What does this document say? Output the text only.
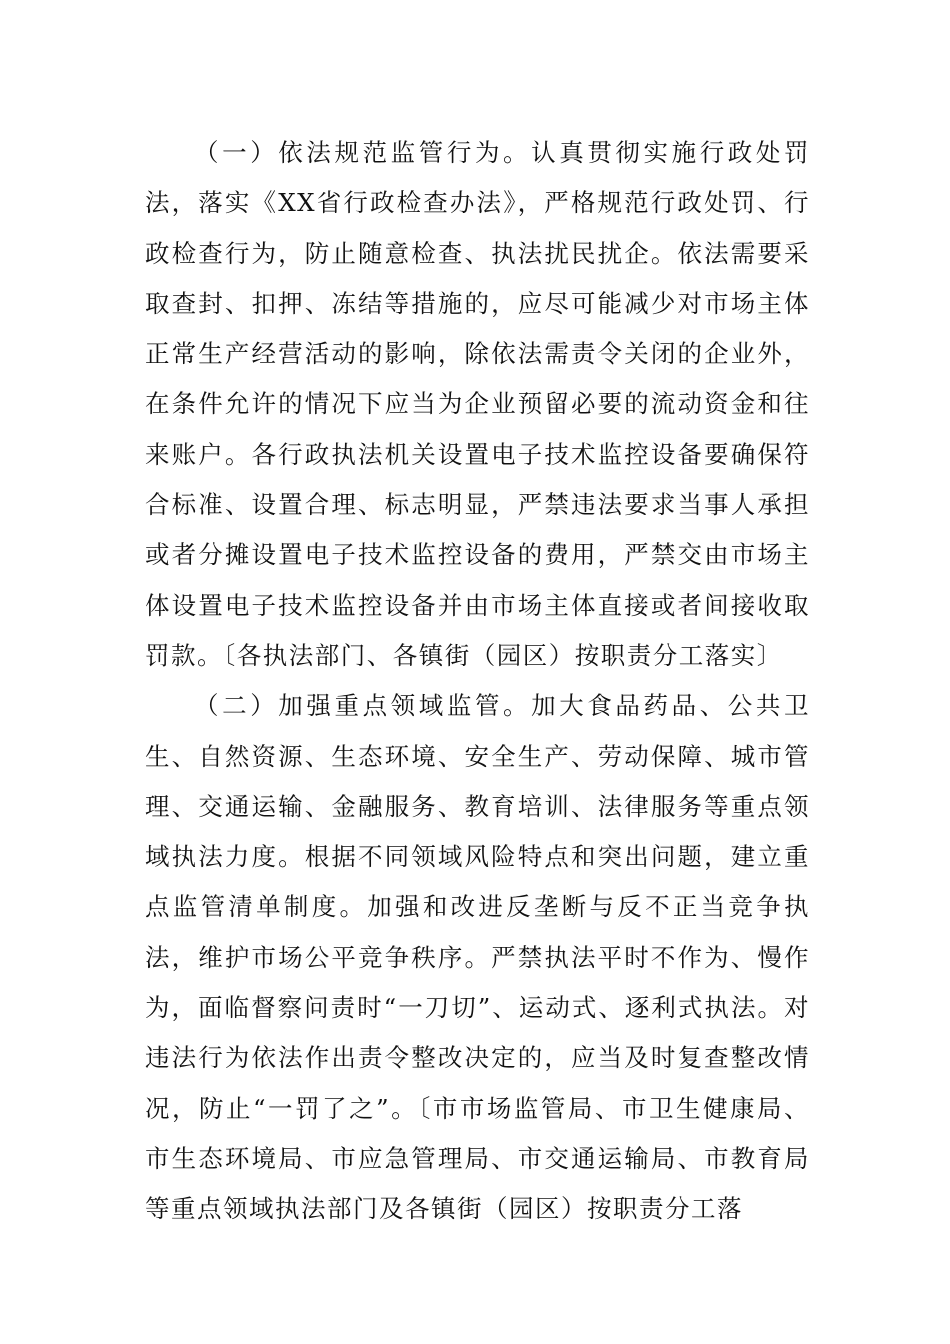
（一）依法规范监管行为。认真贯彻实施行政处罚法，落实《XX省行政检查办法》，严格规范行政处罚、行政检查行为，防止随意检查、执法扰民扰企。依法需要采取查封、扣押、冻结等措施的，应尽可能减少对市场主体正常生产经营活动的影响，除依法需责令关闭的企业外，在条件允许的情况下应当为企业预留必要的流动资金和往来账户。各行政执法机关设置电子技术监控设备要确保符合标准、设置合理、标志明显，严禁违法要求当事人承担或者分摊设置电子技术监控设备的费用，严禁交由市场主体设置电子技术监控设备并由市场主体直接或者间接收取罚款。〔各执法部门、各镇街（园区）按职责分工落实〕

（二）加强重点领域监管。加大食品药品、公共卫生、自然资源、生态环境、安全生产、劳动保障、城市管理、交通运输、金融服务、教育培训、法律服务等重点领域执法力度。根据不同领域风险特点和突出问题，建立重点监管清单制度。加强和改进反垄断与反不正当竞争执法，维护市场公平竞争秩序。严禁执法平时不作为、慢作为，面临督察问责时“一刀切”、运动式、逐利式执法。对违法行为依法作出责令整改决定的，应当及时复查整改情况，防止“一罚了之”。〔市市场监管局、市卫生健康局、市生态环境局、市应急管理局、市交通运输局、市教育局等重点领域执法部门及各镇街（园区）按职责分工落
